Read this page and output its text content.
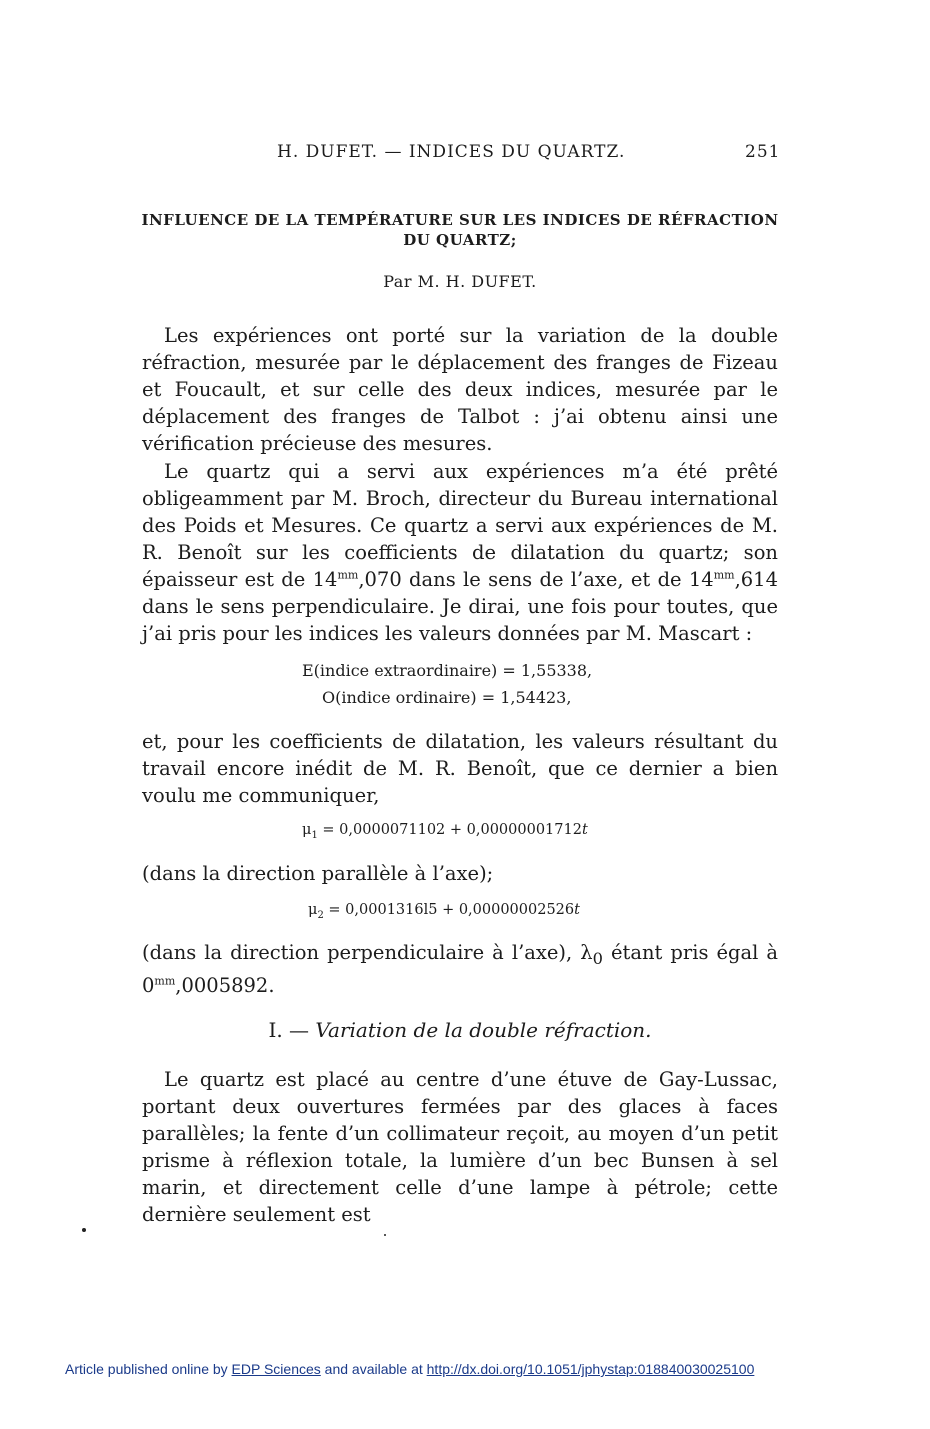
H. DUFET. — INDICES DU QUARTZ.	251
INFLUENCE DE LA TEMPÉRATURE SUR LES INDICES DE RÉFRACTION
DU QUARTZ;
Par M. H. DUFET.

Les expériences ont porté sur la variation de la double réfraction, mesurée par le déplacement des franges de Fizeau et Foucault, et sur celle des deux indices, mesurée par le déplacement des franges de Talbot : j’ai obtenu ainsi une vérification précieuse des mesures.

Le quartz qui a servi aux expériences m’a été prêté obligeamment par M. Broch, directeur du Bureau international des Poids et Mesures. Ce quartz a servi aux expériences de M. R. Benoît sur les coefficients de dilatation du quartz; son épaisseur est de $14^{mm},070$ dans le sens de l’axe, et de $14^{mm},614$ dans le sens perpendiculaire. Je dirai, une fois pour toutes, que j’ai pris pour les indices les valeurs données par M. Mascart :

E(indice extraordinaire) = 1,55338,
O(indice ordinaire) = 1,54423,

et, pour les coefficients de dilatation, les valeurs résultant du travail encore inédit de M. R. Benoît, que ce dernier a bien voulu me communiquer,

$\mu_1 = 0,0000071102 + 0,00000001712t$

(dans la direction parallèle à l’axe);

$\mu_2 = 0,0001316l5 + 0,00000002526t$

(dans la direction perpendiculaire à l’axe), $\lambda_0$ étant pris égal à $0^{mm},0005892$.

I. — Variation de la double réfraction.

Le quartz est placé au centre d’une étuve de Gay-Lussac, portant deux ouvertures fermées par des glaces à faces parallèles; la fente d’un collimateur reçoit, au moyen d’un petit prisme à réflexion totale, la lumière d’un bec Bunsen à sel marin, et directement celle d’une lampe à pétrole; cette dernière seulement est

Article published online by EDP Sciences and available at http://dx.doi.org/10.1051/jphystap:018840030025100
